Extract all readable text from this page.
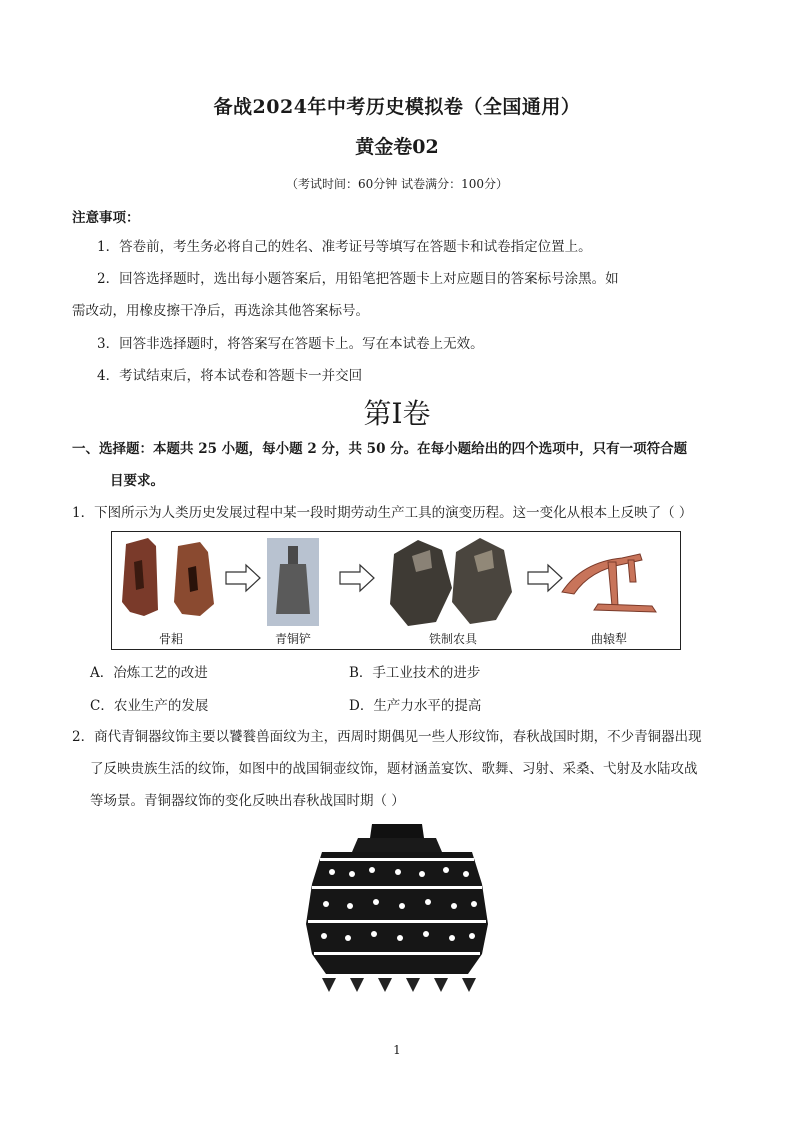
备战2024年中考历史模拟卷（全国通用）
黄金卷02
（考试时间：60分钟 试卷满分：100分）
注意事项：
1．答卷前，考生务必将自己的姓名、准考证号等填写在答题卡和试卷指定位置上。
2．回答选择题时，选出每小题答案后，用铅笔把答题卡上对应题目的答案标号涂黑。如
需改动，用橡皮擦干净后，再选涂其他答案标号。
3．回答非选择题时，将答案写在答题卡上。写在本试卷上无效。
4．考试结束后，将本试卷和答题卡一并交回
第Ⅰ卷
一、选择题：本题共 25 小题，每小题 2 分，共 50 分。在每小题给出的四个选项中，只有一项符合题
目要求。
1．下图所示为人类历史发展过程中某一段时期劳动生产工具的演变历程。这一变化从根本上反映了（ ）
骨耜	青铜铲	铁制农具	曲辕犁
A．冶炼工艺的改进	B．手工业技术的进步
C．农业生产的发展	D．生产力水平的提高
2．商代青铜器纹饰主要以饕餮兽面纹为主，西周时期偶见一些人形纹饰，春秋战国时期，不少青铜器出现
了反映贵族生活的纹饰，如图中的战国铜壶纹饰，题材涵盖宴饮、歌舞、习射、采桑、弋射及水陆攻战
等场景。青铜器纹饰的变化反映出春秋战国时期（ ）
1
